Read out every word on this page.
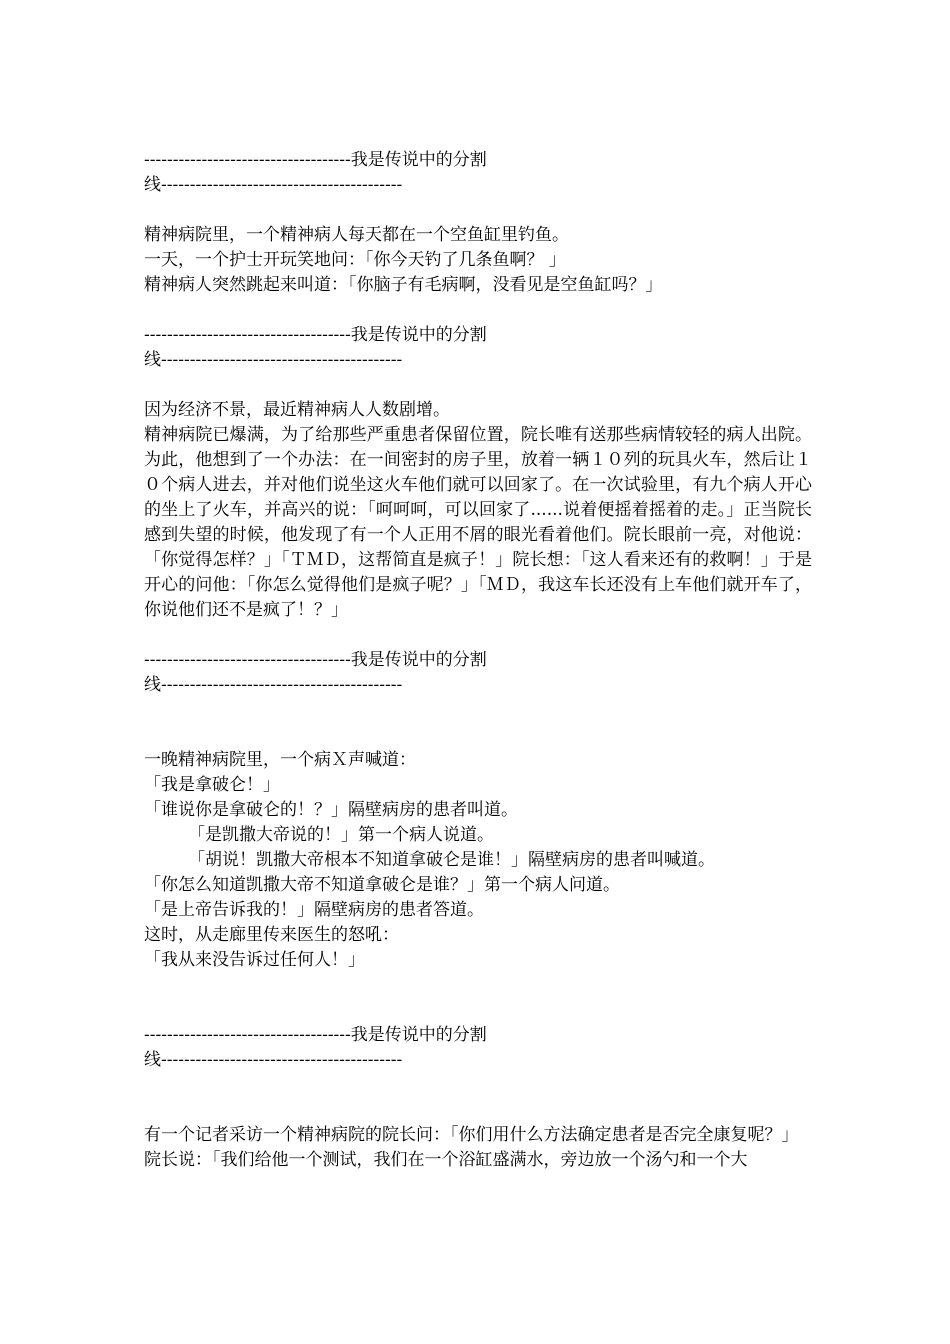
------------------------------------我是传说中的分割
线------------------------------------------
精神病院里，一个精神病人每天都在一个空鱼缸里钓鱼。
一天，一个护士开玩笑地问：「你今天钓了几条鱼啊？ 」
精神病人突然跳起来叫道：「你脑子有毛病啊，没看见是空鱼缸吗？」
------------------------------------我是传说中的分割
线------------------------------------------
因为经济不景，最近精神病人人数剧增。
精神病院已爆满，为了给那些严重患者保留位置，院长唯有送那些病情较轻的病人出院。为此，他想到了一个办法：在一间密封的房子里，放着一辆１０列的玩具火车，然后让１０个病人进去，并对他们说坐这火车他们就可以回家了。在一次试验里，有九个病人开心的坐上了火车，并高兴的说：「呵呵呵，可以回家了......说着便摇着摇着的走。」正当院长感到失望的时候，他发现了有一个人正用不屑的眼光看着他们。院长眼前一亮，对他说：「你觉得怎样？」「ＴＭＤ，这帮简直是疯子！」院长想：「这人看来还有的救啊！」于是开心的问他：「你怎么觉得他们是疯子呢？」「ＭＤ，我这车长还没有上车他们就开车了，你说他们还不是疯了！？」
------------------------------------我是传说中的分割
线------------------------------------------
一晚精神病院里，一个病Ｘ声喊道：
「我是拿破仑！」
「谁说你是拿破仑的！？」隔壁病房的患者叫道。
「是凯撒大帝说的！」第一个病人说道。
「胡说！凯撒大帝根本不知道拿破仑是谁！」隔壁病房的患者叫喊道。
「你怎么知道凯撒大帝不知道拿破仑是谁？」第一个病人问道。
「是上帝告诉我的！」隔壁病房的患者答道。
这时，从走廊里传来医生的怒吼：
「我从来没告诉过任何人！」
------------------------------------我是传说中的分割
线------------------------------------------
有一个记者采访一个精神病院的院长问：「你们用什么方法确定患者是否完全康复呢？」
院长说：「我们给他一个测试，我们在一个浴缸盛满水，旁边放一个汤勺和一个大
